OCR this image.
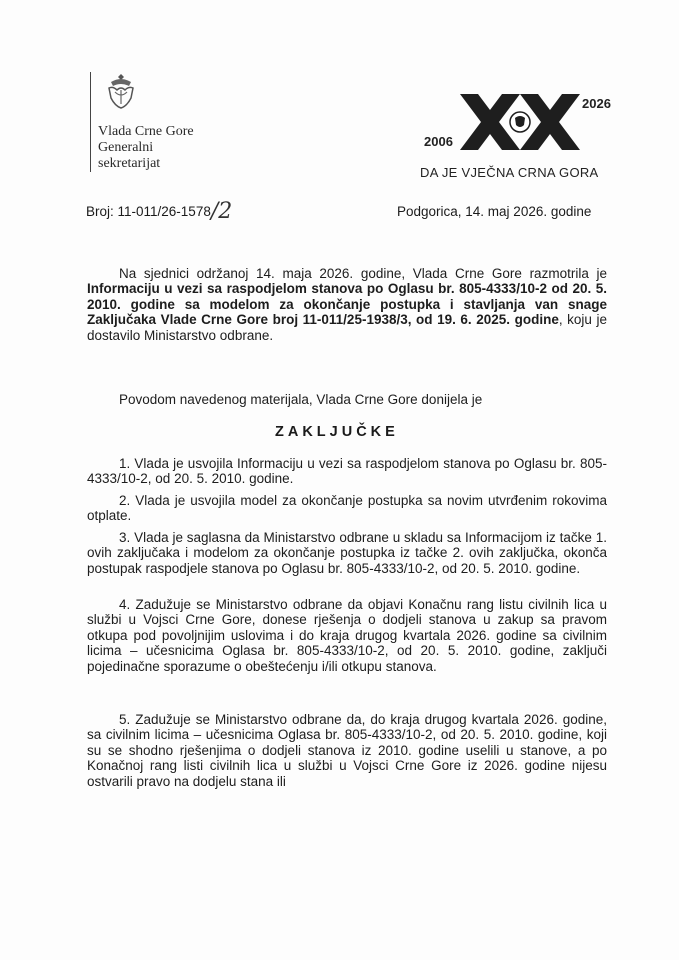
Vlada Crne Gore
Generalni
sekretarijat
2006
2026
DA JE VJEČNA CRNA GORA
Broj: 11-011/26-1578/2	Podgorica, 14. maj 2026. godine

Na sjednici održanoj 14. maja 2026. godine, Vlada Crne Gore razmotrila je Informaciju u vezi sa raspodjelom stanova po Oglasu br. 805-4333/10-2 od 20. 5. 2010. godine sa modelom za okončanje postupka i stavljanja van snage Zaključaka Vlade Crne Gore broj 11-011/25-1938/3, od 19. 6. 2025. godine, koju je dostavilo Ministarstvo odbrane.

Povodom navedenog materijala, Vlada Crne Gore donijela je

ZAKLJUČKE

1. Vlada je usvojila Informaciju u vezi sa raspodjelom stanova po Oglasu br. 805-4333/10-2, od 20. 5. 2010. godine.

2. Vlada je usvojila model za okončanje postupka sa novim utvrđenim rokovima otplate.

3. Vlada je saglasna da Ministarstvo odbrane u skladu sa Informacijom iz tačke 1. ovih zaključaka i modelom za okončanje postupka iz tačke 2. ovih zaključka, okonča postupak raspodjele stanova po Oglasu br. 805-4333/10-2, od 20. 5. 2010. godine.

4. Zadužuje se Ministarstvo odbrane da objavi Konačnu rang listu civilnih lica u službi u Vojsci Crne Gore, donese rješenja o dodjeli stanova u zakup sa pravom otkupa pod povoljnijim uslovima i do kraja drugog kvartala 2026. godine sa civilnim licima – učesnicima Oglasa br. 805-4333/10-2, od 20. 5. 2010. godine, zaključi pojedinačne sporazume o obeštećenju i/ili otkupu stanova.

5. Zadužuje se Ministarstvo odbrane da, do kraja drugog kvartala 2026. godine, sa civilnim licima – učesnicima Oglasa br. 805-4333/10-2, od 20. 5. 2010. godine, koji su se shodno rješenjima o dodjeli stanova iz 2010. godine uselili u stanove, a po Konačnoj rang listi civilnih lica u službi u Vojsci Crne Gore iz 2026. godine nijesu ostvarili pravo na dodjelu stana ili
